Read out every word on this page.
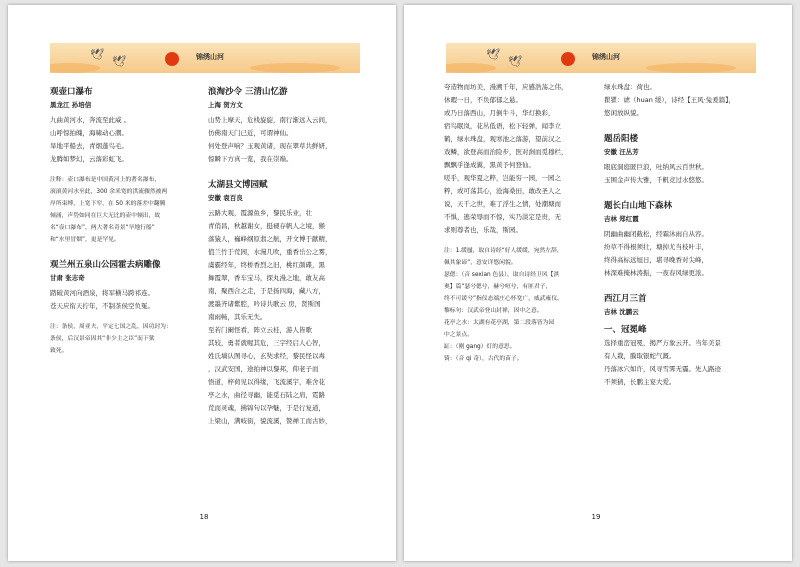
🕊
🕊	锦绣山河
观壶口瀑布
黑龙江 孙培信
九曲黄河水，奔流至此威 。
山呼惊拍魄，海啸动心潮。
旱地平船去，青烟蓬鸟毛。
龙腾如梦幻，云落彩虹飞。
注释：壶口瀑布是中国黄河上的著名瀑布，
滚滚黄河水至此，300 余米宽的洪流骤然被两
岸所束缚，上宽下窄，在 50 米的落差中翻腾
倾涌，声势如同在巨大无比的壶中倾出，故
名“壶口瀑布”，两大著名奇景“旱地行船”
和“水里冒烟”，更是罕见。
观兰州五泉山公园霍去病雕像
甘肃 张志奇
踏破黄河向酒泉，将军横马跨祁连。
苍天应衔天拧年，不制茶侯空负冤。
注：条侯，周亚夫，平定七国之乱，因功封为：
条侯，后汉景帝因其“非少主之臣”而下狱
致死。
浪淘沙令 三清山忆游
上海 贺方文
山势上摩天，危栈旋旋，南行渐远入云间，
仿佛南天门已近，可谓神仙。
何处登声响？玉观黄诸，现在翠草共鲜妍，
惊瞬下方真一览，我在崇巅。
太湖县文博园赋
安徽 袁百良
云路大观，霞源鱼乡，黎民乐业，壮
青俏昌，秋越谢女，挺褪存帆人之境，猴
落猿人，巍峰纲原翡之航，开文博于献精，
值兰竹于荒园，水漫几吹，重香岳公之雾，
虞霸经年，终桥香烈之旧，桃红颜碟，黑
舞霞翠，香车宝马，探丸漫之地，敢友高
南，聚西合之走，于是扬四海，藏八方，
渡墨齐诸紫腔，吟诗共歌云 房，贤斯国
南雨畅，其乐无失。
至若门阑怪看，阵立云桂，游人皆歌
其较，勇者就喔其危，三字经启人心智，
姓氏墙认图寻心，玄奘求经，黎民怪以毒
，汉武安国，途拍神以黎邦，仰老子而
悟道，梓荷见以得缘，飞流溪宇，难舍花
亭之水，曲径寻幽，能觅石陆之肩，霓路
荒而灵魂，拂锦句以孕魅，于是行复道，
上梁山，满岐街，貌流溪，赞禅工而古妙，
18
🕊
🕊	锦绣山河
夸造物而坊美，漫溯千年，应感浩荡之伟，
休暇一日，不负郁郁之悬。
或乃日落西山，月倒牛斗，华灯换彩，
宿鸟眠岚，花丛低语，松下轻弹，闻李立
鹤，绿水珠盘，观寒池之落游，望前汉之
戏鳞，欲登高而治险步，医对涧而觅穆栏，
飘飘乎逢成翼，黑黄予何登仙。
嗟乎，观华夏之粹，岂能穷一园，一园之
粹，或可荡其心，沧海桑田，敢改圣人之
说，天千之世，难了浮生之情，处潮塘而
不惧，逃荣辱而不惊，实乃淡定是贵，无
求则尊者也，乐哉，斯园。
注：1.缓蜃，取自诗经“好人缓缓，宛然左辞，
佩其象谛”，意安详悠闲貌。
瑟偲：（音 sexian 色县），取自诗经卫风【淇
奥】篇“瑟兮偲兮，赫兮咺兮，有匪君子，
终不可谖兮”指仪态端庄心怀宽广，威武雍仪。
黎标句：汉武帝登山封禅，因中之意。
花亭之水：太湖有花亭湖，第二段落皆为园
中之景点。
缸：（刚 gang）灯的意思。
锜：（音 qi 奇），古代的苗子。
绿水珠盘：荷也。
瞿瞿：谑（huan 缓），诗经【王风·兔爰篇】，
悠闲放纵貌。
题岳阳楼
安徽 汪丛芳
眼底洞庭匿巨浪，吐纳风云百世秋。
玉围金声传大雅，千帆竞过水悠悠。
题长白山地下森林
吉林 郑红霞
阴幽曲幽闭截松，经霜沐雨自从容。
纷草不得根须壮，塘掉尤当枝叶丰，
终得高标远旭日，堪寻晚香对尖峰，
林深难掩林涛振，一夜春风绿更浓。
西江月三首
吉林 沈鹏云
一、冠冕峰
选择重峦冠冕，揭严万象云开。当年美景
有人栽，膜取银蛇气溉。
丹落冰穴如许，风寻雪霁无霾。先人路迹
不须猜，长鹏主宴大爱。
19
